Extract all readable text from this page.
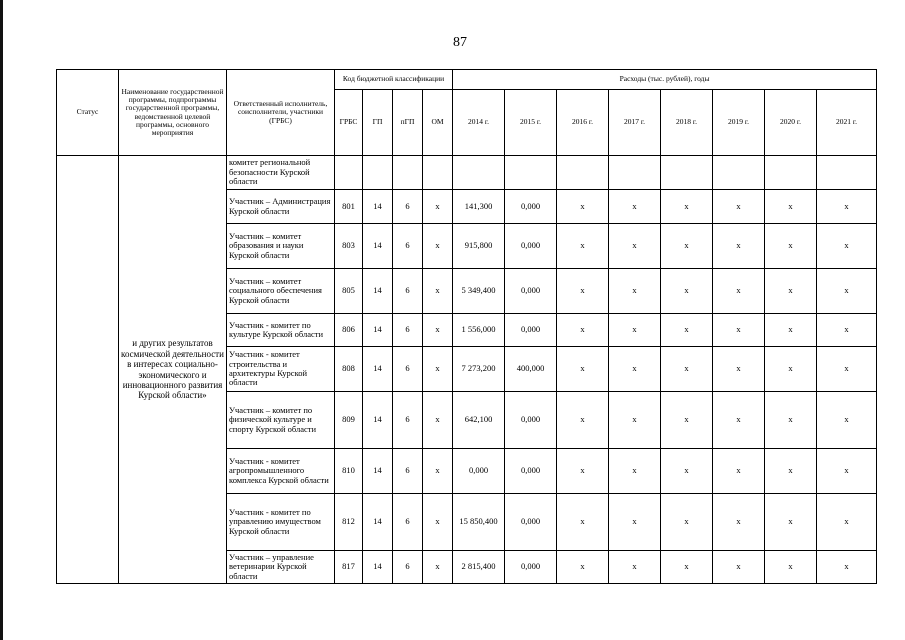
87
Статус	Наименование государственной программы, подпрограммы государственной программы, ведомственной целевой программы, основного мероприятия	Ответственный исполнитель, соисполнители, участники (ГРБС)	Код бюджетной классификации				Расходы (тыс. рублей), годы							
			ГРБС	ГП	пГП	ОМ	2014 г.	2015 г.	2016 г.	2017 г.	2018 г.	2019 г.	2020 г.	2021 г.
	и других результатов космической деятельности в интересах социально-экономического и инновационного развития Курской области»	комитет региональной безопасности Курской области												
		Участник – Администрация Курской области	801	14	6	х	141,300	0,000	х	х	х	х	х	х
		Участник – комитет образования и науки Курской области	803	14	6	х	915,800	0,000	х	х	х	х	х	х
		Участник – комитет социального обеспечения Курской области	805	14	6	х	5 349,400	0,000	х	х	х	х	х	х
		Участник - комитет по культуре Курской области	806	14	6	х	1 556,000	0,000	х	х	х	х	х	х
		Участник - комитет строительства и архитектуры Курской области	808	14	6	х	7 273,200	400,000	х	х	х	х	х	х
		Участник – комитет по физической культуре и спорту Курской области	809	14	6	х	642,100	0,000	х	х	х	х	х	х
		Участник - комитет агропромышленного комплекса Курской области	810	14	6	х	0,000	0,000	х	х	х	х	х	х
		Участник - комитет по управлению имуществом Курской области	812	14	6	х	15 850,400	0,000	х	х	х	х	х	х
		Участник – управление ветеринарии Курской области	817	14	6	х	2 815,400	0,000	х	х	х	х	х	х
